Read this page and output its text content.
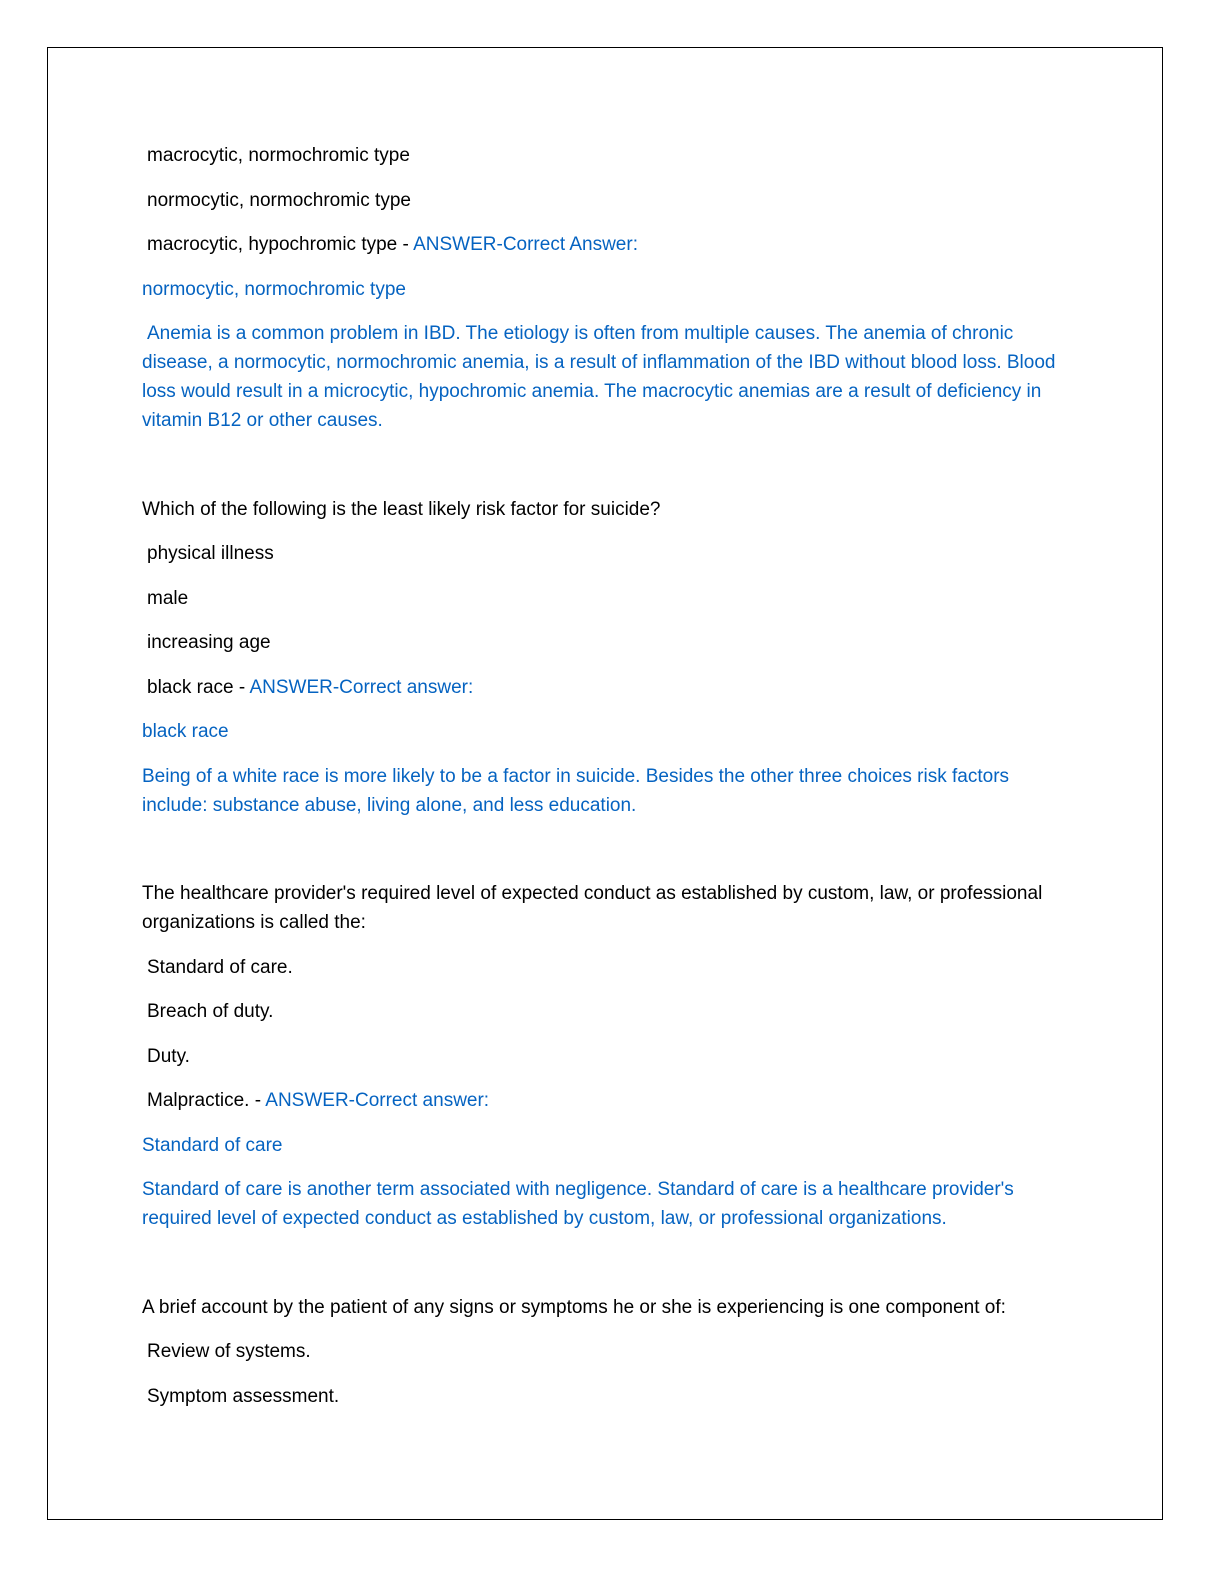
macrocytic, normochromic type

normocytic, normochromic type

macrocytic, hypochromic type - ANSWER-Correct Answer:

normocytic, normochromic type

Anemia is a common problem in IBD. The etiology is often from multiple causes. The anemia of chronic disease, a normocytic, normochromic anemia, is a result of inflammation of the IBD without blood loss. Blood loss would result in a microcytic, hypochromic anemia. The macrocytic anemias are a result of deficiency in vitamin B12 or other causes.

Which of the following is the least likely risk factor for suicide?

physical illness

male

increasing age

black race - ANSWER-Correct answer:

black race

Being of a white race is more likely to be a factor in suicide. Besides the other three choices risk factors include: substance abuse, living alone, and less education.

The healthcare provider's required level of expected conduct as established by custom, law, or professional organizations is called the:

Standard of care.

Breach of duty.

Duty.

Malpractice. - ANSWER-Correct answer:

Standard of care

Standard of care is another term associated with negligence. Standard of care is a healthcare provider's required level of expected conduct as established by custom, law, or professional organizations.

A brief account by the patient of any signs or symptoms he or she is experiencing is one component of:

Review of systems.

Symptom assessment.
